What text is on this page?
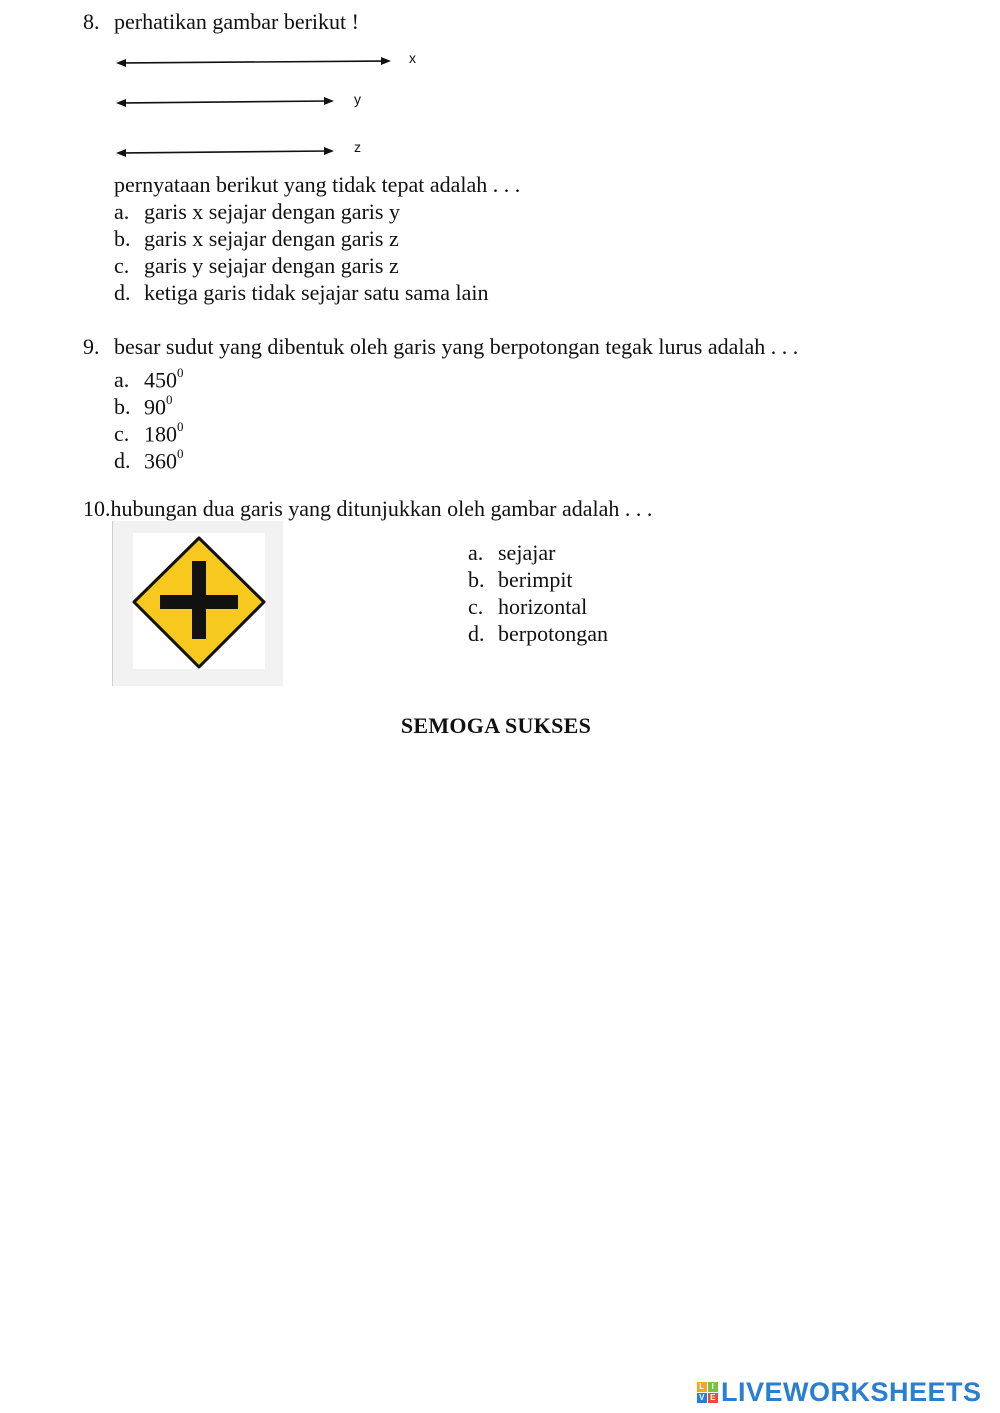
8. perhatikan gambar berikut !
x
y
z
pernyataan berikut yang tidak tepat adalah . . .
a. garis x sejajar dengan garis y
b. garis x sejajar dengan garis z
c. garis y sejajar dengan garis z
d. ketiga garis tidak sejajar satu sama lain
9. besar sudut yang dibentuk oleh garis yang berpotongan tegak lurus adalah . . .
a. $450^0$
b. $90^0$
c. $180^0$
d. $360^0$
10.hubungan dua garis yang ditunjukkan oleh gambar adalah . . .
a. sejajar
b. berimpit
c. horizontal
d. berpotongan
SEMOGA SUKSES
L I
V E LIVEWORKSHEETS
